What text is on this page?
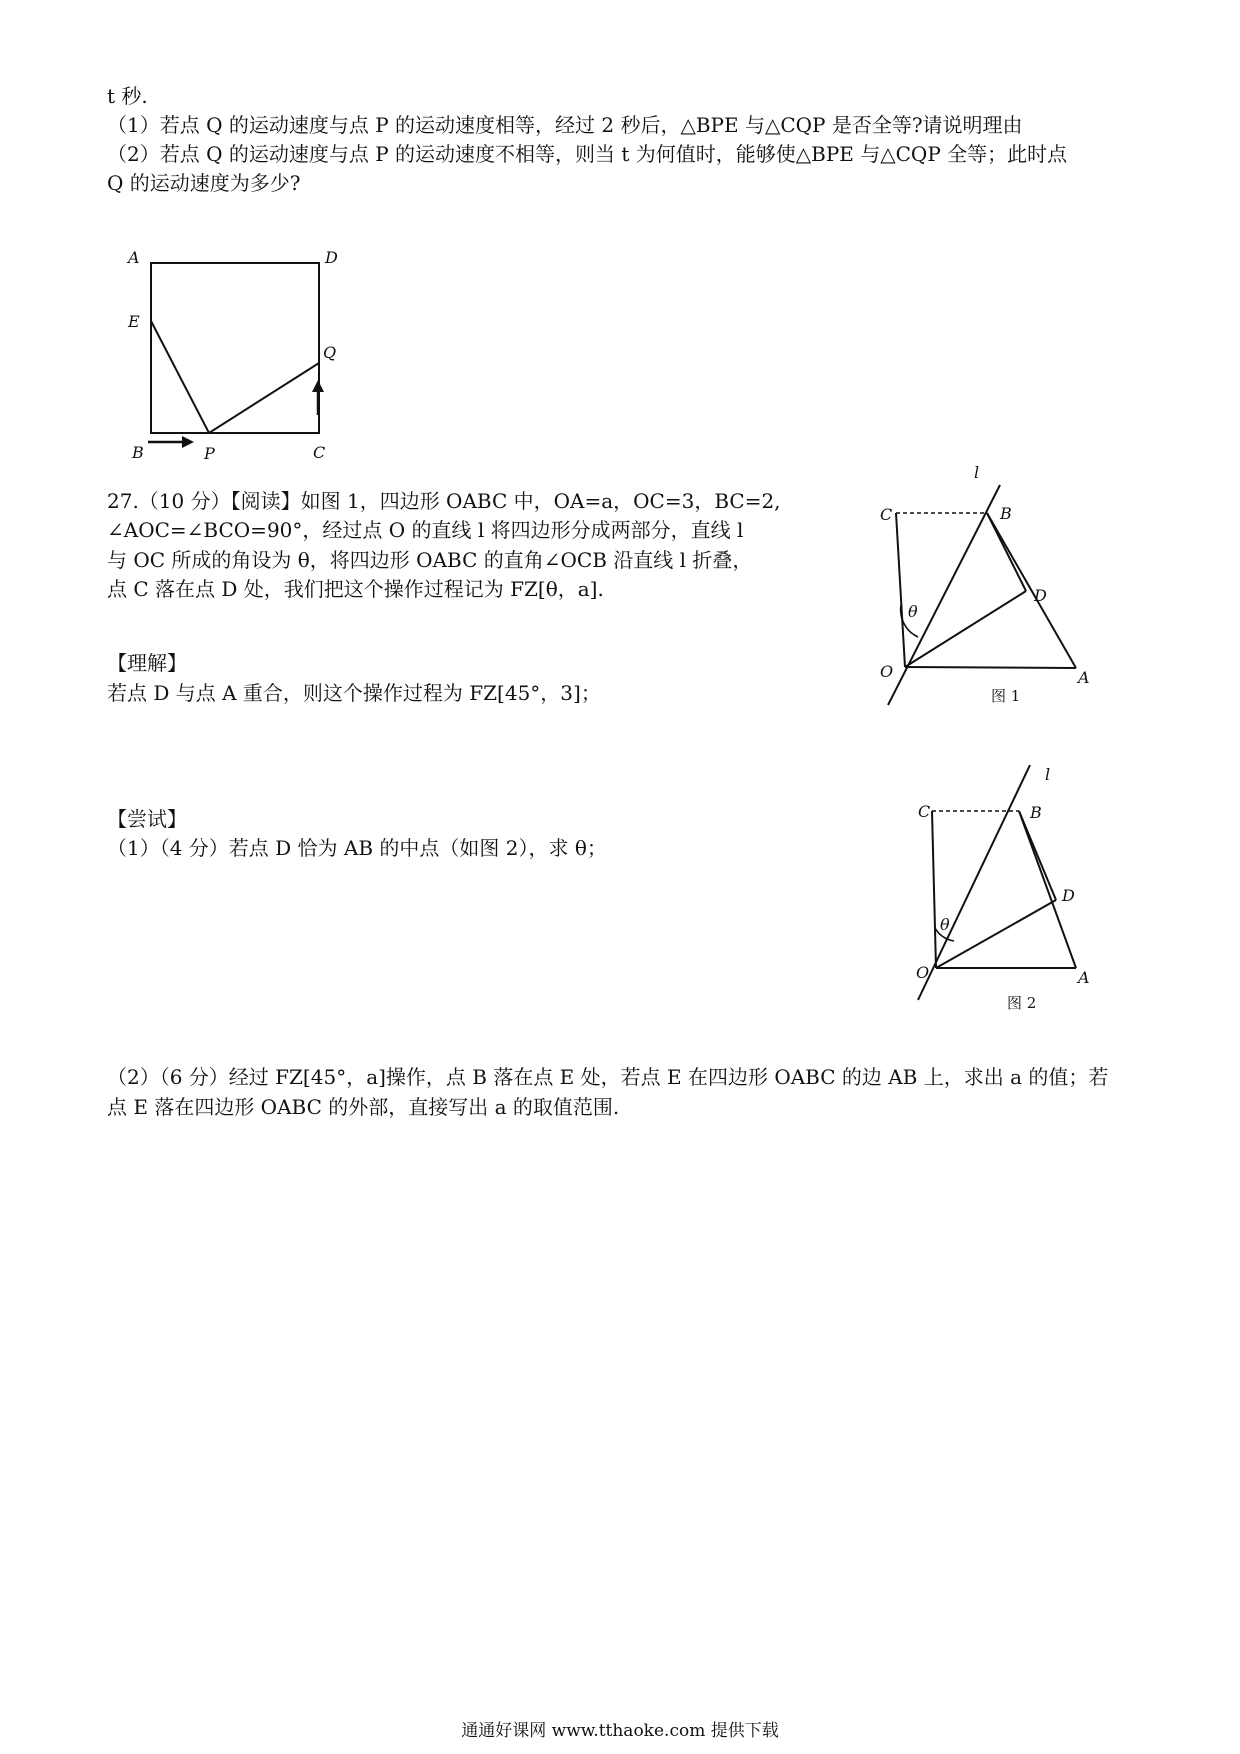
t 秒.
（1）若点 Q 的运动速度与点 P 的运动速度相等，经过 2 秒后，△BPE 与△CQP 是否全等?请说明理由
（2）若点 Q 的运动速度与点 P 的运动速度不相等，则当 t 为何值时，能够使△BPE 与△CQP 全等；此时点
Q 的运动速度为多少?
A	D
E
Q
B	P	C
27.（10 分）【阅读】如图 1，四边形 OABC 中，OA=a，OC=3，BC=2,
∠AOC=∠BCO=90°，经过点 O 的直线 l 将四边形分成两部分，直线 l
与 OC 所成的角设为 θ，将四边形 OABC 的直角∠OCB 沿直线 l 折叠，
点 C 落在点 D 处，我们把这个操作过程记为 FZ[θ，a].
【理解】
若点 D 与点 A 重合，则这个操作过程为 FZ[45°，3]；
【尝试】
（1）（4 分）若点 D 恰为 AB 的中点（如图 2），求 θ；
（2）（6 分）经过 FZ[45°，a]操作，点 B 落在点 E 处，若点 E 在四边形 OABC 的边 AB 上，求出 a 的值；若
点 E 落在四边形 OABC 的外部，直接写出 a 的取值范围.
l
C	B
D
θ
O	A
图 1
l
C	B
D
θ
O	A
图 2
通通好课网 www.tthaoke.com 提供下载
